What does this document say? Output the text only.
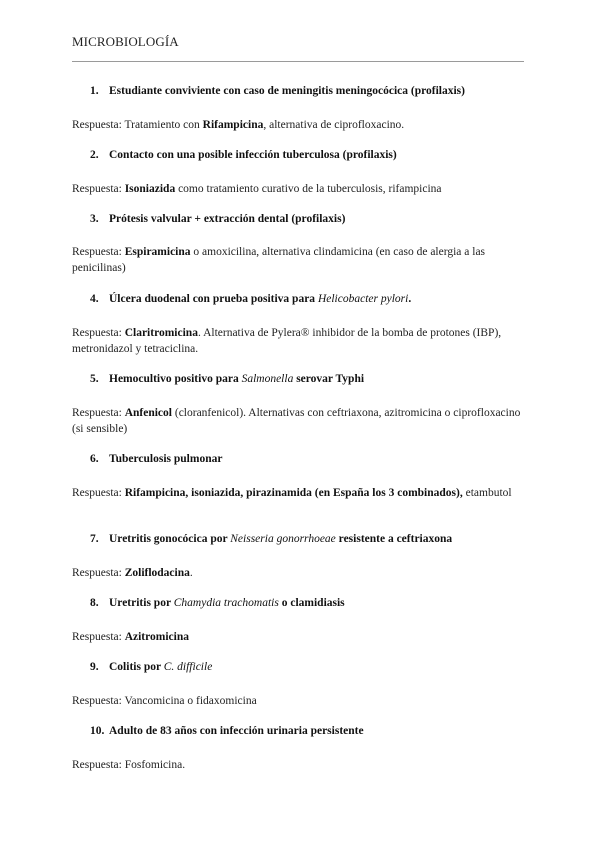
MICROBIOLOGÍA
1. Estudiante conviviente con caso de meningitis meningocócica (profilaxis)
Respuesta: Tratamiento con Rifampicina, alternativa de ciprofloxacino.
2. Contacto con una posible infección tuberculosa (profilaxis)
Respuesta: Isoniazida como tratamiento curativo de la tuberculosis, rifampicina
3. Prótesis valvular + extracción dental (profilaxis)
Respuesta: Espiramicina o amoxicilina, alternativa clindamicina (en caso de alergia a las penicilinas)
4. Úlcera duodenal con prueba positiva para Helicobacter pylori.
Respuesta: Claritromicina. Alternativa de Pylera® inhibidor de la bomba de protones (IBP), metronidazol y tetraciclina.
5. Hemocultivo positivo para Salmonella serovar Typhi
Respuesta: Anfenicol (cloranfenicol). Alternativas con ceftriaxona, azitromicina o ciprofloxacino (si sensible)
6. Tuberculosis pulmonar
Respuesta: Rifampicina, isoniazida, pirazinamida (en España los 3 combinados), etambutol
7. Uretritis gonocócica por Neisseria gonorrhoeae resistente a ceftriaxona
Respuesta: Zoliflodacina.
8. Uretritis por Chamydia trachomatis o clamidiasis
Respuesta: Azitromicina
9. Colitis por C. difficile
Respuesta: Vancomicina o fidaxomicina
10. Adulto de 83 años con infección urinaria persistente
Respuesta: Fosfomicina.
